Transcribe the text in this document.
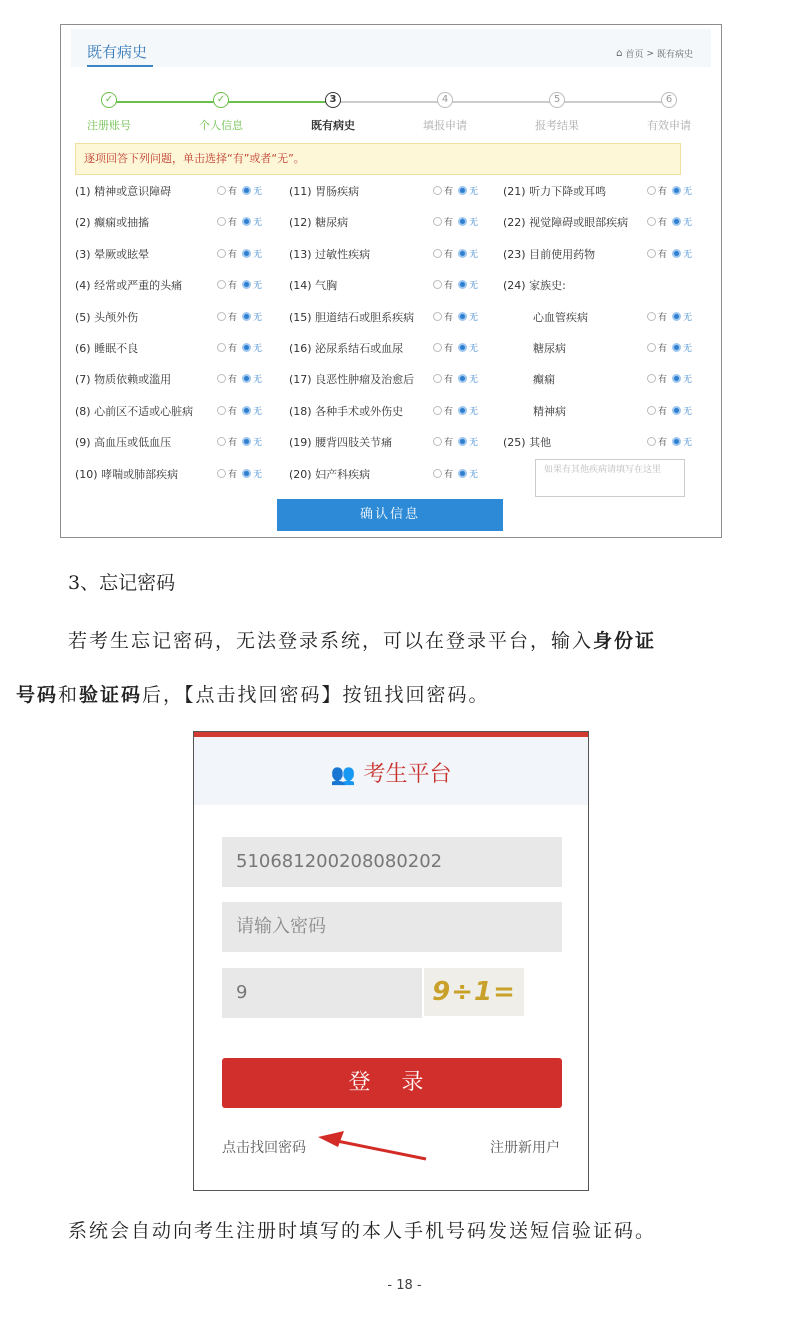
既有病史	⌂ 首页 > 既有病史
✓
注册账号
✓
个人信息
3
既有病史
4
填报申请
5
报考结果
6
有效申请
逐项回答下列问题，单击选择“有”或者“无”。
(1) 精神或意识障碍	有 无
(2) 癫痫或抽搐	有 无
(3) 晕厥或眩晕	有 无
(4) 经常或严重的头痛	有 无
(5) 头颅外伤	有 无
(6) 睡眠不良	有 无
(7) 物质依赖或滥用	有 无
(8) 心前区不适或心脏病	有 无
(9) 高血压或低血压	有 无
(10) 哮喘或肺部疾病	有 无
(11) 胃肠疾病	有 无
(12) 糖尿病	有 无
(13) 过敏性疾病	有 无
(14) 气胸	有 无
(15) 胆道结石或胆系疾病	有 无
(16) 泌尿系结石或血尿	有 无
(17) 良恶性肿瘤及治愈后	有 无
(18) 各种手术或外伤史	有 无
(19) 腰背四肢关节痛	有 无
(20) 妇产科疾病	有 无
(21) 听力下降或耳鸣	有 无
(22) 视觉障碍或眼部疾病	有 无
(23) 目前使用药物	有 无
(24) 家族史:
心血管疾病	有 无
糖尿病	有 无
癫痫	有 无
精神病	有 无
(25) 其他	有 无
如果有其他疾病请填写在这里
确认信息
3、忘记密码
若考生忘记密码，无法登录系统，可以在登录平台，输入身份证
号码和验证码后，【点击找回密码】按钮找回密码。
👥 考生平台
510681200208080202
请输入密码
9	9÷1=
登 录
点击找回密码	注册新用户
系统会自动向考生注册时填写的本人手机号码发送短信验证码。
- 18 -
